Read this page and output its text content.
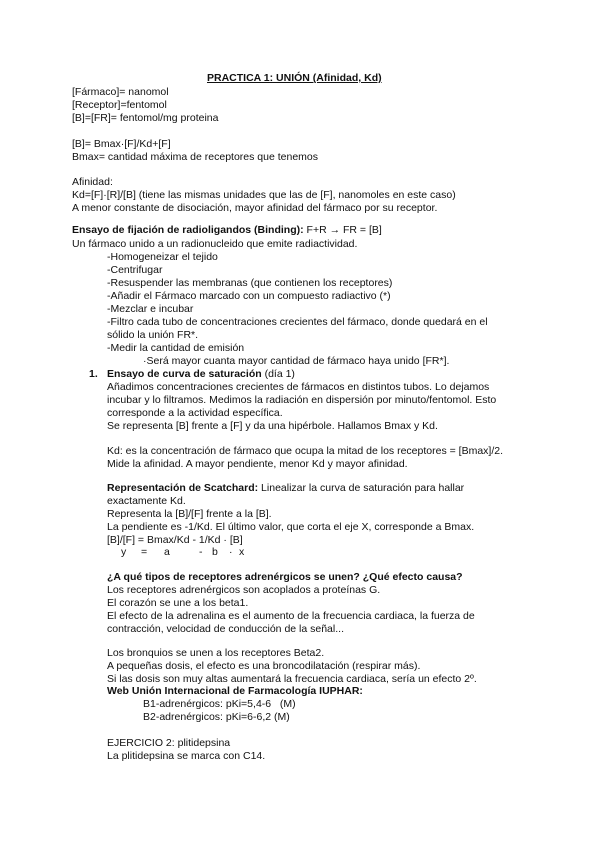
PRACTICA 1: UNIÓN (Afinidad, Kd)
[Fármaco]= nanomol
[Receptor]=fentomol
[B]=[FR]= fentomol/mg proteina
[B]= Bmax·[F]/Kd+[F]
Bmax= cantidad máxima de receptores que tenemos
Afinidad:
Kd=[F]·[R]/[B] (tiene las mismas unidades que las de [F], nanomoles en este caso)
A menor constante de disociación, mayor afinidad del fármaco por su receptor.
Ensayo de fijación de radioligandos (Binding): F+R → FR = [B]
Un fármaco unido a un radionucleido que emite radiactividad.
-Homogeneizar el tejido
-Centrifugar
-Resuspender las membranas (que contienen los receptores)
-Añadir el Fármaco marcado con un compuesto radiactivo (*)
-Mezclar e incubar
-Filtro cada tubo de concentraciones crecientes del fármaco, donde quedará en el
sólido la unión FR*.
-Medir la cantidad de emisión
·Será mayor cuanta mayor cantidad de fármaco haya unido [FR*].
1. Ensayo de curva de saturación (día 1)
Añadimos concentraciones crecientes de fármacos en distintos tubos. Lo dejamos
incubar y lo filtramos. Medimos la radiación en dispersión por minuto/fentomol. Esto
corresponde a la actividad específica.
Se representa [B] frente a [F] y da una hipérbole. Hallamos Bmax y Kd.
Kd: es la concentración de fármaco que ocupa la mitad de los receptores = [Bmax]/2.
Mide la afinidad. A mayor pendiente, menor Kd y mayor afinidad.
Representación de Scatchard: Linealizar la curva de saturación para hallar
exactamente Kd.
Representa la [B]/[F] frente a la [B].
La pendiente es -1/Kd. El último valor, que corta el eje X, corresponde a Bmax.
[B]/[F] = Bmax/Kd - 1/Kd · [B]
y = a	- b · x
¿A qué tipos de receptores adrenérgicos se unen? ¿Qué efecto causa?
Los receptores adrenérgicos son acoplados a proteínas G.
El corazón se une a los beta1.
El efecto de la adrenalina es el aumento de la frecuencia cardiaca, la fuerza de
contracción, velocidad de conducción de la señal...
Los bronquios se unen a los receptores Beta2.
A pequeñas dosis, el efecto es una broncodilatación (respirar más).
Si las dosis son muy altas aumentará la frecuencia cardiaca, sería un efecto 2º.
Web Unión Internacional de Farmacología IUPHAR:
B1-adrenérgicos: pKi=5,4-6   (M)
B2-adrenérgicos: pKi=6-6,2 (M)
EJERCICIO 2: plitidepsina
La plitidepsina se marca con C14.
